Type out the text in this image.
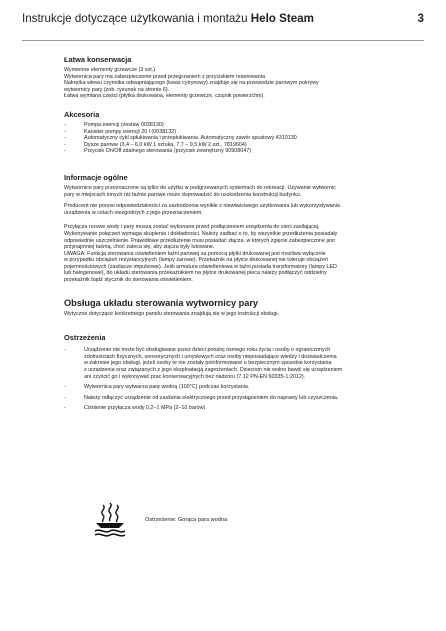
Instrukcje dotyczące użytkowania i montażu Helo Steam	3
Łatwa konserwacja
Wymienne elementy grzewcze (3 szt.)
Wytwornica pary ma zabezpieczenie przed przegrzaniem z przyciskiem resetowania
Nakrętka wlewu czynnika odwapniającego (kwas cytrynowy) znajduje się na przewodzie parowym pokrywy
wytwornicy pary (zob. rysunek na stronie 6).
Łatwa wymiana części (płytka drukowana, elementy grzewcze, czujnik powierzchni).
Akcesoria
-	Pompa esencji (zestaw 0038130)
-	Kanister pompy esencji 20 l (0038132)
-	Automatyczny cykl spłukiwania i przepłukiwania. Automatyczny zawór spustowy 4310130
-	Dysze parowe (3,4 – 6,0 kW 1 sztuka, 7,7 – 9,5 kW 2 szt., 7819604)
-	Przycisk On/Off zdalnego sterowania (przycisk zewnętrzny 90908047)
Informacje ogólne
Wytwornice pary przeznaczone są tylko do użytku w podgrzewanych systemach do rekreacji. Używanie wytwornic
pary w miejscach innych niż łaźnie parowe może doprowadzić do uszkodzenia konstrukcji budynku.
Producent nie ponosi odpowiedzialności za uszkodzenia wynikłe z niewłaściwego użytkowania lub wykorzystywania
urządzenia w celach niezgodnych z jego przeznaczeniem.
Przyłącza rurowe wody i pary muszą zostać wykonane przed podłączeniem urządzenia do sieci zasilającej.
Wykonywanie połączeń wymaga skupienia i dokładności. Należy zadbać o to, by wszystkie przedłużenia posiadały
odpowiednie uszczelnienie. Prawidłowe przedłużenie musi posiadać złącza, w których zgięcie zabezpieczone jest
przynajmniej taśmą, choć zaleca się, aby złącza były lutowane.
UWAGA: Funkcja sterowania oświetleniem łaźni parowej za pomocą płytki drukowanej jest możliwa wyłącznie
w przypadku obciążeń rezystancyjnych (lampy żarowe). Przekaźnik na płytce drukowanej nie toleruje obciążeń
pojemnościowych (zasilacze impulsowe). Jeśli armatura oświetleniowa w łaźni posiada transformatory (lampy LED
lub halogenowe), do układu sterowania przekaźnikiem na płytce drukowanej pieca należy podłączyć oddzielny
przekaźnik bądź stycznik do sterowania oświetleniem.
Obsługa układu sterowania wytwornicy pary
Wytyczne dotyczące konkretnego panelu sterowania znajdują się w jego instrukcji obsługi.
Ostrzeżenia
-	Urządzenie nie może być obsługiwane przez dzieci poniżej ósmego roku życia i osoby o ograniczonych
zdolnościach fizycznych, sensorycznych i umysłowych oraz osoby nieposiadające wiedzy i doświadczenia
w zakresie jego obsługi, jeżeli osoby te nie zostały poinformowane o bezpiecznym sposobie korzystania
z urządzenia oraz związanych z jego eksploatacją zagrożeniach. Dzieciom nie wolno bawić się urządzeniem
ani czyścić go i wykonywać prac konserwacyjnych bez nadzoru (7.12 PN-EN 60335-1:2012).
-	Wytwornica pary wytwarza parę wodną (100°C) podczas korzystania.
-	Należy odłączyć urządzenie od zasilania elektrycznego przed przystąpieniem do naprawy lub czyszczenia.
-	Ciśnienie przyłącza wody 0,2–1 MPa (2–10 barów)
Ostrzeżenie: Gorąca para wodna
